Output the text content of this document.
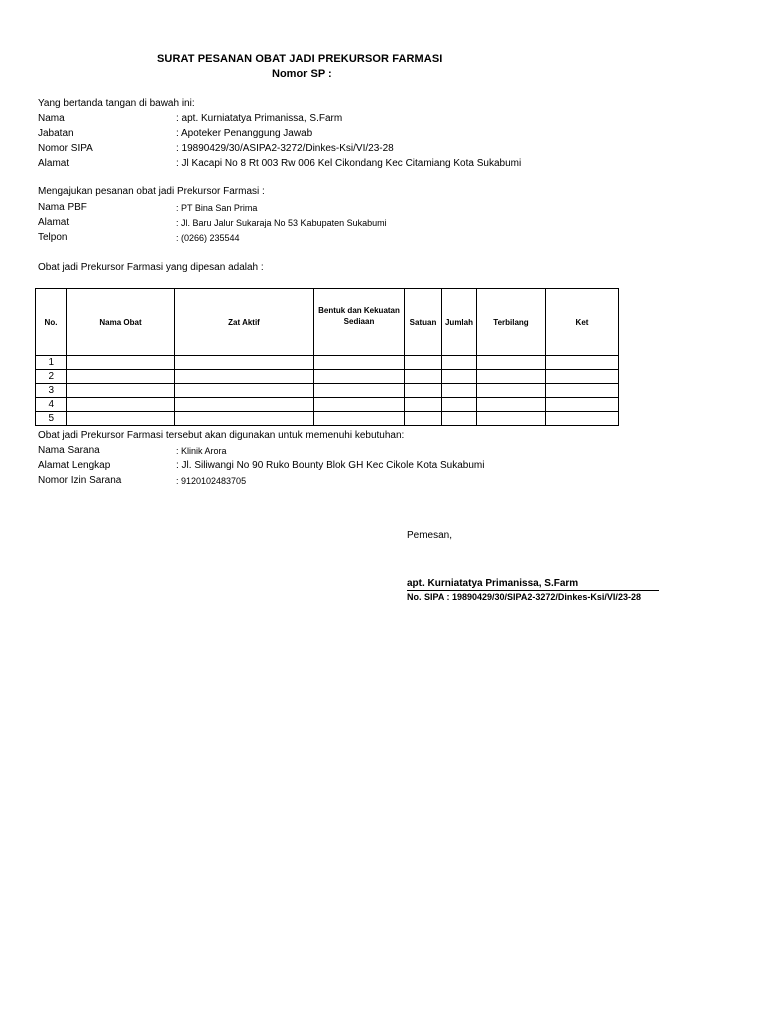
SURAT PESANAN OBAT JADI PREKURSOR FARMASI
Nomor SP :
Yang bertanda tangan di bawah ini:
Nama	: apt. Kurniatatya Primanissa, S.Farm
Jabatan	: Apoteker Penanggung Jawab
Nomor SIPA	: 19890429/30/ASIPA2-3272/Dinkes-Ksi/VI/23-28
Alamat	: Jl Kacapi No 8 Rt 003 Rw 006 Kel Cikondang Kec Citamiang Kota Sukabumi
Mengajukan pesanan obat jadi Prekursor Farmasi :
Nama PBF	: PT Bina San Prima
Alamat	: Jl. Baru Jalur Sukaraja No 53 Kabupaten Sukabumi
Telpon	: (0266) 235544
Obat jadi Prekursor Farmasi yang dipesan adalah :
No.	Nama Obat	Zat Aktif	Bentuk dan Kekuatan Sediaan	Satuan	Jumlah	Terbilang	Ket
1							
2							
3							
4							
5							
Obat jadi Prekursor Farmasi tersebut akan digunakan untuk memenuhi kebutuhan:
Nama Sarana	: Klinik Arora
Alamat Lengkap	: Jl. Siliwangi No 90 Ruko Bounty Blok GH Kec Cikole Kota Sukabumi
Nomor Izin Sarana	: 9120102483705
Pemesan,
apt. Kurniatatya Primanissa, S.Farm
No. SIPA : 19890429/30/SIPA2-3272/Dinkes-Ksi/VI/23-28
